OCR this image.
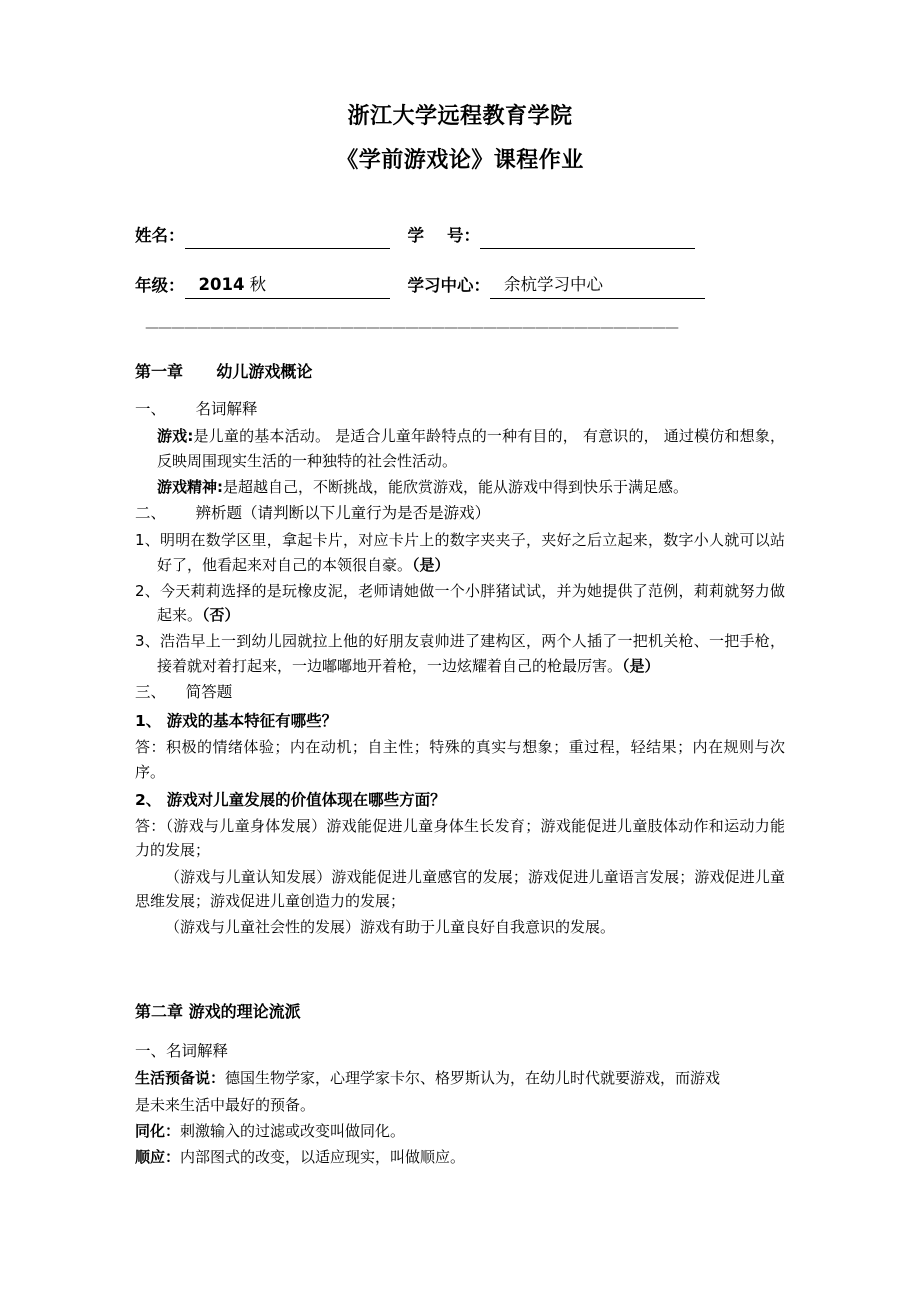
浙江大学远程教育学院
《学前游戏论》课程作业
姓名：	学    号：
年级： 2014 秋	学习中心： 余杭学习中心
—————————————————————————————————————————
第一章      幼儿游戏概论
一、      名词解释

游戏:是儿童的基本活动。 是适合儿童年龄特点的一种有目的， 有意识的， 通过模仿和想象， 反映周围现实生活的一种独特的社会性活动。

游戏精神:是超越自己，不断挑战，能欣赏游戏，能从游戏中得到快乐于满足感。

二、      辨析题（请判断以下儿童行为是否是游戏）

1、明明在数学区里，拿起卡片，对应卡片上的数字夹夹子，夹好之后立起来，数字小人就可以站好了，他看起来对自己的本领很自豪。（是）

2、今天莉莉选择的是玩橡皮泥，老师请她做一个小胖猪试试，并为她提供了范例，莉莉就努力做起来。（否）

3、浩浩早上一到幼儿园就拉上他的好朋友袁帅进了建构区，两个人插了一把机关枪、一把手枪，接着就对着打起来，一边嘟嘟地开着枪，一边炫耀着自己的枪最厉害。（是）

三、    简答题

1、 游戏的基本特征有哪些？

答：积极的情绪体验；内在动机；自主性；特殊的真实与想象；重过程，轻结果；内在规则与次序。

2、 游戏对儿童发展的价值体现在哪些方面？

答：（游戏与儿童身体发展）游戏能促进儿童身体生长发育；游戏能促进儿童肢体动作和运动力能力的发展；

（游戏与儿童认知发展）游戏能促进儿童感官的发展；游戏促进儿童语言发展；游戏促进儿童思维发展；游戏促进儿童创造力的发展；

（游戏与儿童社会性的发展）游戏有助于儿童良好自我意识的发展。

第二章 游戏的理论流派
一、名词解释

生活预备说：德国生物学家，心理学家卡尔、格罗斯认为，在幼儿时代就要游戏，而游戏

是未来生活中最好的预备。

同化：刺激输入的过滤或改变叫做同化。

顺应：内部图式的改变，以适应现实，叫做顺应。
